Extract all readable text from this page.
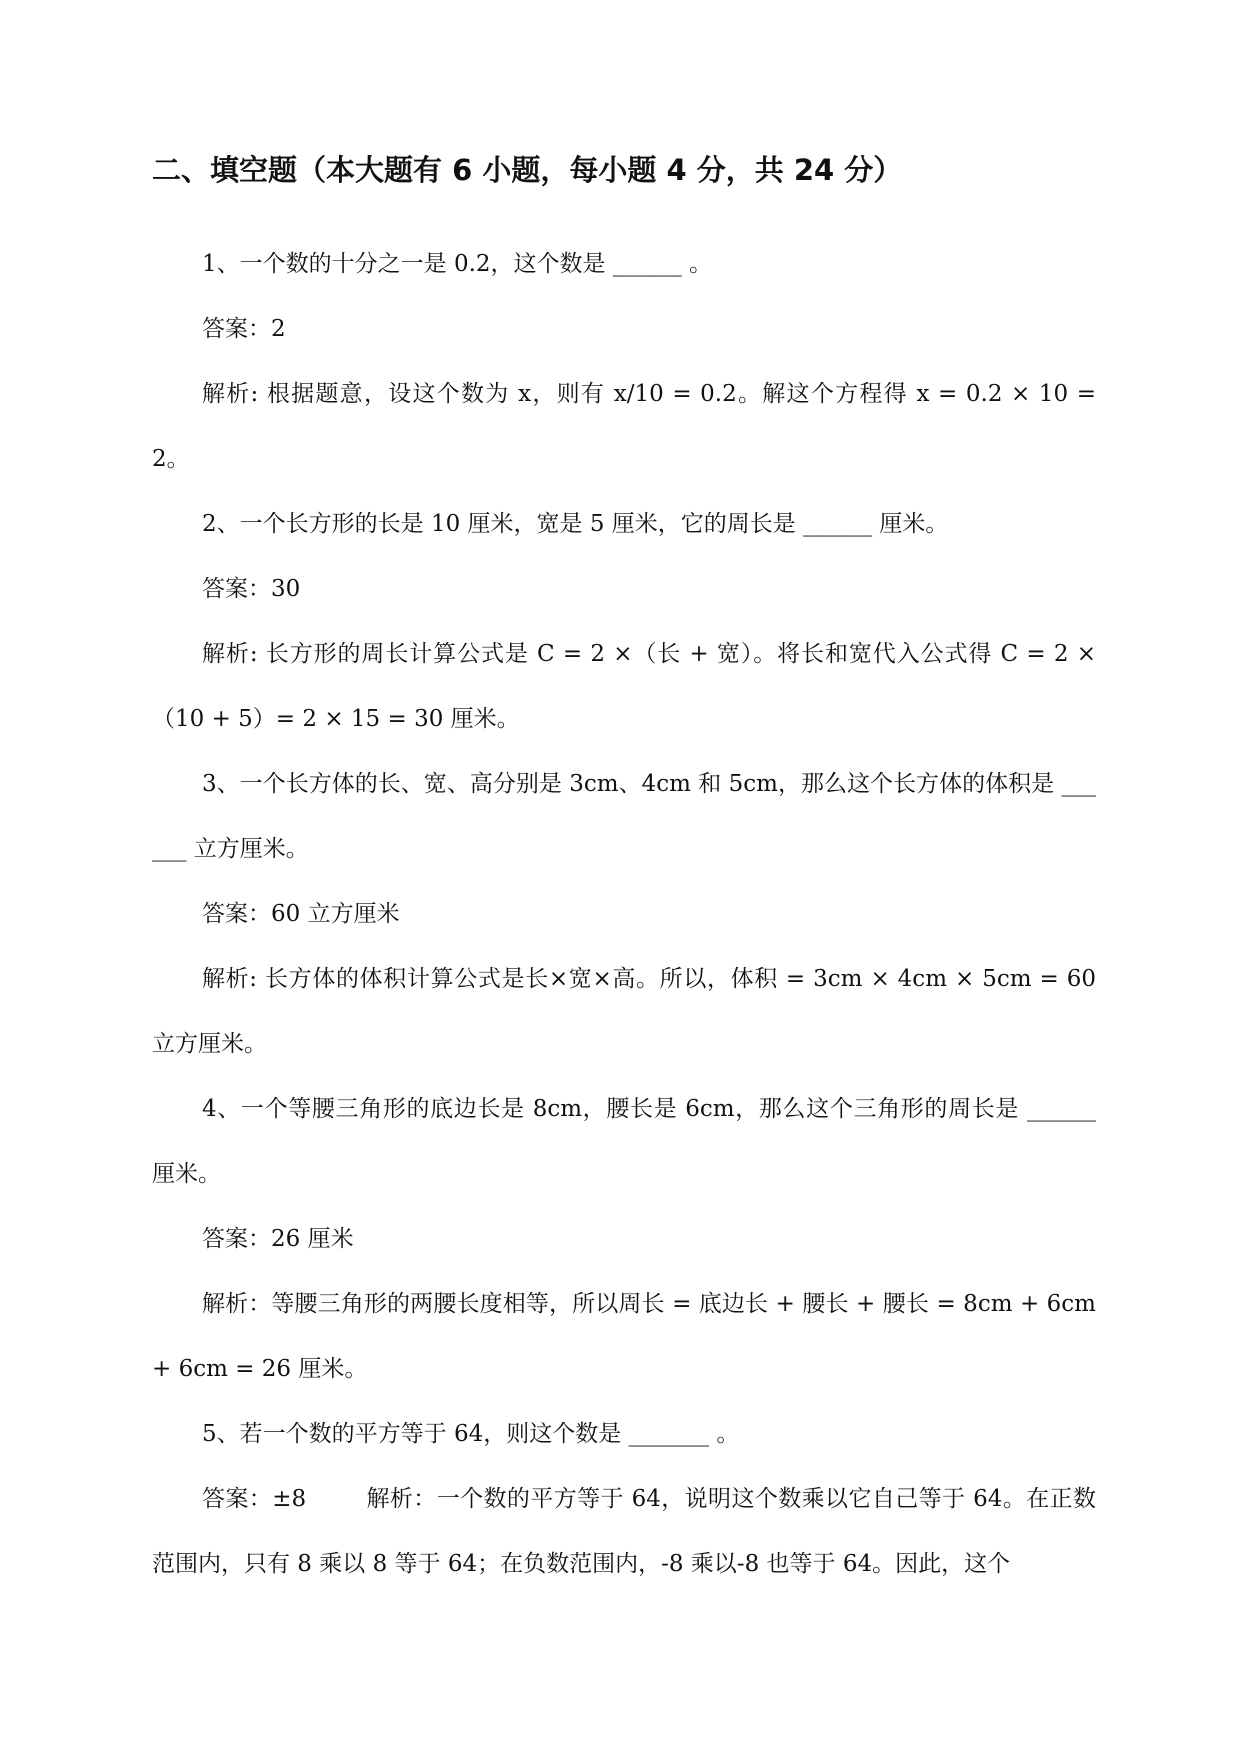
二、填空题（本大题有 6 小题，每小题 4 分，共 24 分）

1、一个数的十分之一是 0.2，这个数是 ______ 。

答案：2

解析: 根据题意，设这个数为 x，则有 x/10 = 0.2。解这个方程得 x = 0.2 × 10 = 2。

2、一个长方形的长是 10 厘米，宽是 5 厘米，它的周长是 ______ 厘米。

答案：30

解析: 长方形的周长计算公式是 C = 2 ×（长 + 宽）。将长和宽代入公式得 C = 2 ×（10 + 5）= 2 × 15 = 30 厘米。

3、一个长方体的长、宽、高分别是 3cm、4cm 和 5cm，那么这个长方体的体积是 ______ 立方厘米。

答案：60 立方厘米

解析: 长方体的体积计算公式是长×宽×高。所以，体积 = 3cm × 4cm × 5cm = 60 立方厘米。

4、一个等腰三角形的底边长是 8cm，腰长是 6cm，那么这个三角形的周长是 ______ 厘米。

答案：26 厘米

解析：等腰三角形的两腰长度相等，所以周长 = 底边长 + 腰长 + 腰长 = 8cm + 6cm + 6cm = 26 厘米。

5、若一个数的平方等于 64，则这个数是 _______ 。

答案：±8	解析：一个数的平方等于 64，说明这个数乘以它自己等于 64。在正数范围内，只有 8 乘以 8 等于 64；在负数范围内，-8 乘以-8 也等于 64。因此，这个
